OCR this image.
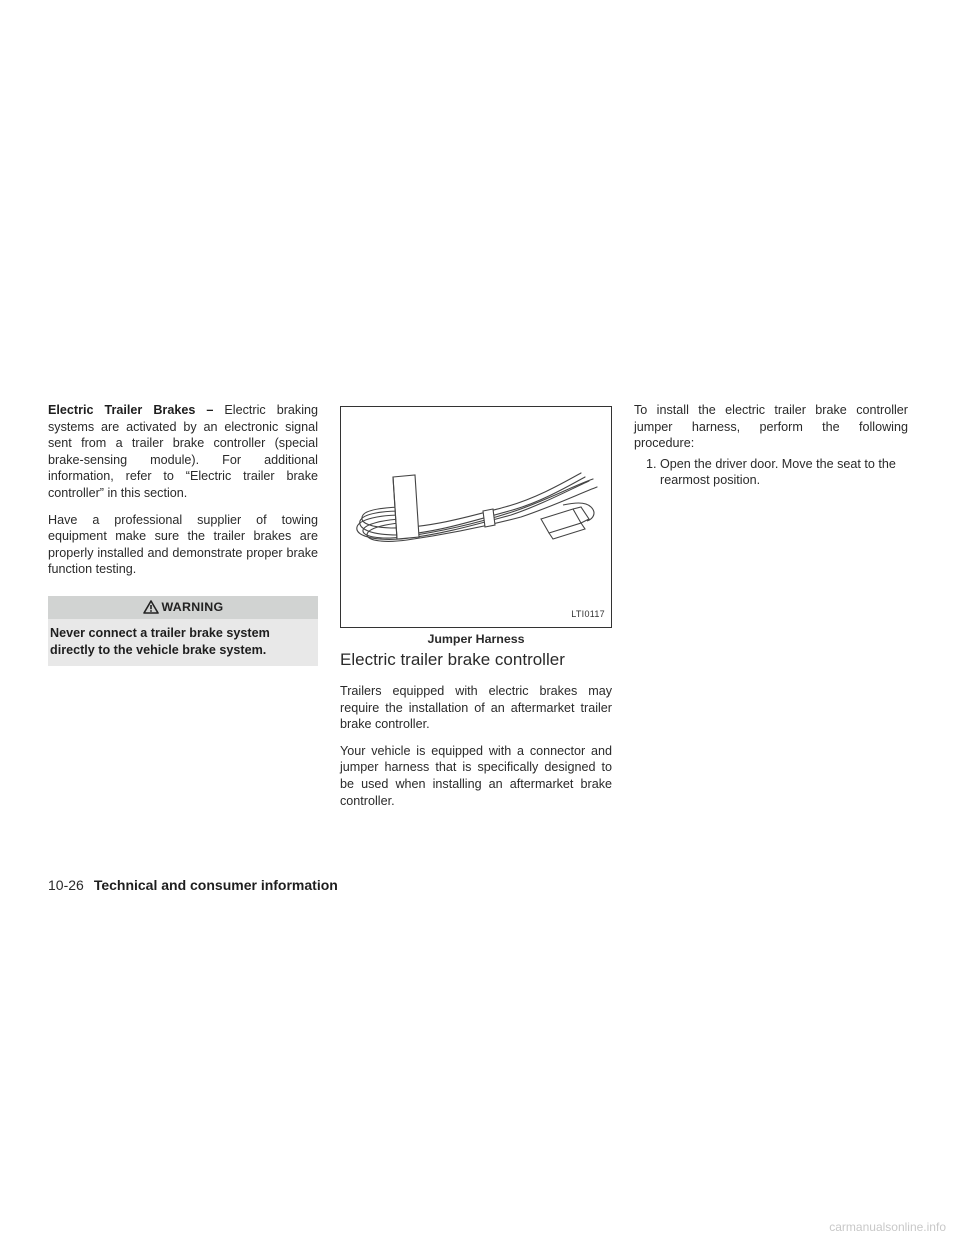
Electric Trailer Brakes – Electric braking systems are activated by an electronic signal sent from a trailer brake controller (special brake-sensing module). For additional information, refer to “Electric trailer brake controller” in this section.

Have a professional supplier of towing equipment make sure the trailer brakes are properly installed and demonstrate proper brake function testing.

WARNING
Never connect a trailer brake system directly to the vehicle brake system.
LTI0117
Jumper Harness
Electric trailer brake controller

Trailers equipped with electric brakes may require the installation of an aftermarket trailer brake controller.

Your vehicle is equipped with a connector and jumper harness that is specifically designed to be used when installing an aftermarket brake controller.

To install the electric trailer brake controller jumper harness, perform the following procedure:

1. Open the driver door. Move the seat to the rearmost position.
10-26 Technical and consumer information
carmanualsonline.info
